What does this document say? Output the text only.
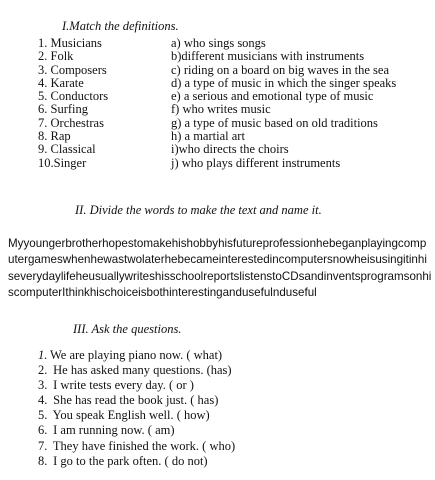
I.Match the definitions.
1. Musicians	a) who sings songs
2. Folk	b)different musicians with instruments
3. Composers	c) riding on a board on big waves in the sea
4. Karate	d) a type of music in which the singer speaks
5. Conductors	e) a serious and emotional type of music
6. Surfing	f) who writes music
7. Orchestras	g) a type of music based on old traditions
8. Rap	h) a martial art
9. Classical	i)who directs the choirs
10.Singer	j) who plays different instruments
II. Divide the words to make the text and name it.
MyyoungerbrotherhopestomakehishobbyhisfutureprofessionhebeganplayingcomputergameswhenhewastwolaterhebecameinterestedincomputersnowheisusingitinhiseverydaylifeheusuallywriteshisschoolreportslistenstoCDsandinventsprogramsonhiscomputerIthinkhischoiceisbothinterestingandusefulnduseful
III. Ask the questions.
1. We are playing piano now. ( what)
2. He has asked many questions. (has)
3. I write tests every day. ( or )
4. She has read the book just. ( has)
5. You speak English well. ( how)
6. I am running now. ( am)
7. They have finished the work. ( who)
8. I go to the park often. ( do not)
